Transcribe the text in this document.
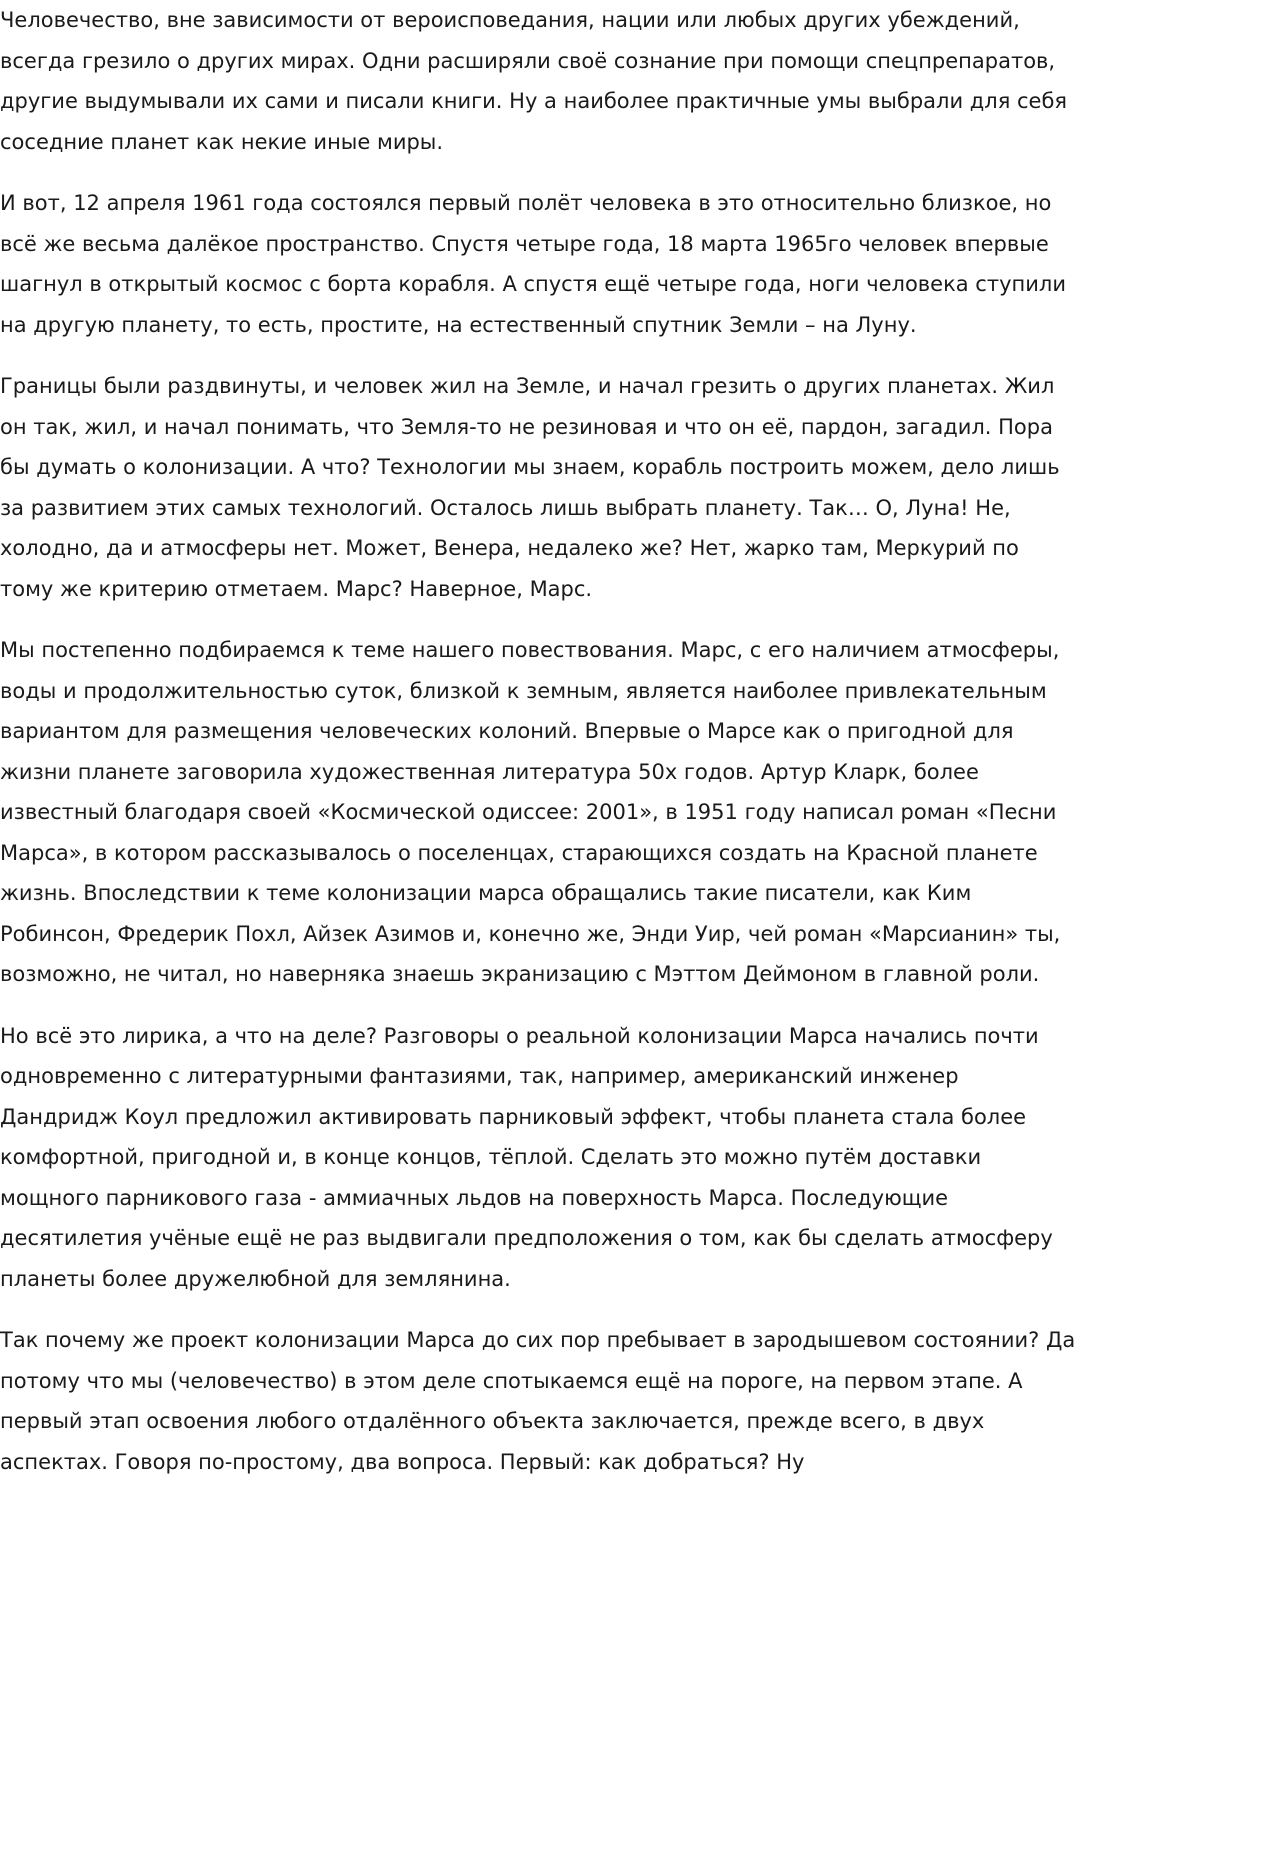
Человечество, вне зависимости от вероисповедания, нации или любых других убеждений, всегда грезило о других мирах. Одни расширяли своё сознание при помощи спецпрепаратов, другие выдумывали их сами и писали книги. Ну а наиболее практичные умы выбрали для себя соседние планет как некие иные миры.

И вот, 12 апреля 1961 года состоялся первый полёт человека в это относительно близкое, но всё же весьма далёкое пространство. Спустя четыре года, 18 марта 1965го человек впервые шагнул в открытый космос с борта корабля. А спустя ещё четыре года, ноги человека ступили на другую планету, то есть, простите, на естественный спутник Земли – на Луну.

Границы были раздвинуты, и человек жил на Земле, и начал грезить о других планетах. Жил он так, жил, и начал понимать, что Земля-то не резиновая и что он её, пардон, загадил. Пора бы думать о колонизации. А что? Технологии мы знаем, корабль построить можем, дело лишь за развитием этих самых технологий. Осталось лишь выбрать планету. Так… О, Луна! Не, холодно, да и атмосферы нет. Может, Венера, недалеко же? Нет, жарко там, Меркурий по тому же критерию отметаем. Марс? Наверное, Марс.

Мы постепенно подбираемся к теме нашего повествования. Марс, с его наличием атмосферы, воды и продолжительностью суток, близкой к земным, является наиболее привлекательным вариантом для размещения человеческих колоний. Впервые о Марсе как о пригодной для жизни планете заговорила художественная литература 50х годов. Артур Кларк, более известный благодаря своей «Космической одиссее: 2001», в 1951 году написал роман «Песни Марса», в котором рассказывалось о поселенцах, старающихся создать на Красной планете жизнь. Впоследствии к теме колонизации марса обращались такие писатели, как Ким Робинсон, Фредерик Похл, Айзек Азимов и, конечно же, Энди Уир, чей роман «Марсианин» ты, возможно, не читал, но наверняка знаешь экранизацию с Мэттом Деймоном в главной роли.

Но всё это лирика, а что на деле? Разговоры о реальной колонизации Марса начались почти одновременно с литературными фантазиями, так, например, американский инженер Дандридж Коул предложил активировать парниковый эффект, чтобы планета стала более комфортной, пригодной и, в конце концов, тёплой. Сделать это можно путём доставки мощного парникового газа - аммиачных льдов на поверхность Марса. Последующие десятилетия учёные ещё не раз выдвигали предположения о том, как бы сделать атмосферу планеты более дружелюбной для землянина.

Так почему же проект колонизации Марса до сих пор пребывает в зародышевом состоянии? Да потому что мы (человечество) в этом деле спотыкаемся ещё на пороге, на первом этапе. А первый этап освоения любого отдалённого объекта заключается, прежде всего, в двух аспектах. Говоря по-простому, два вопроса. Первый: как добраться? Ну
